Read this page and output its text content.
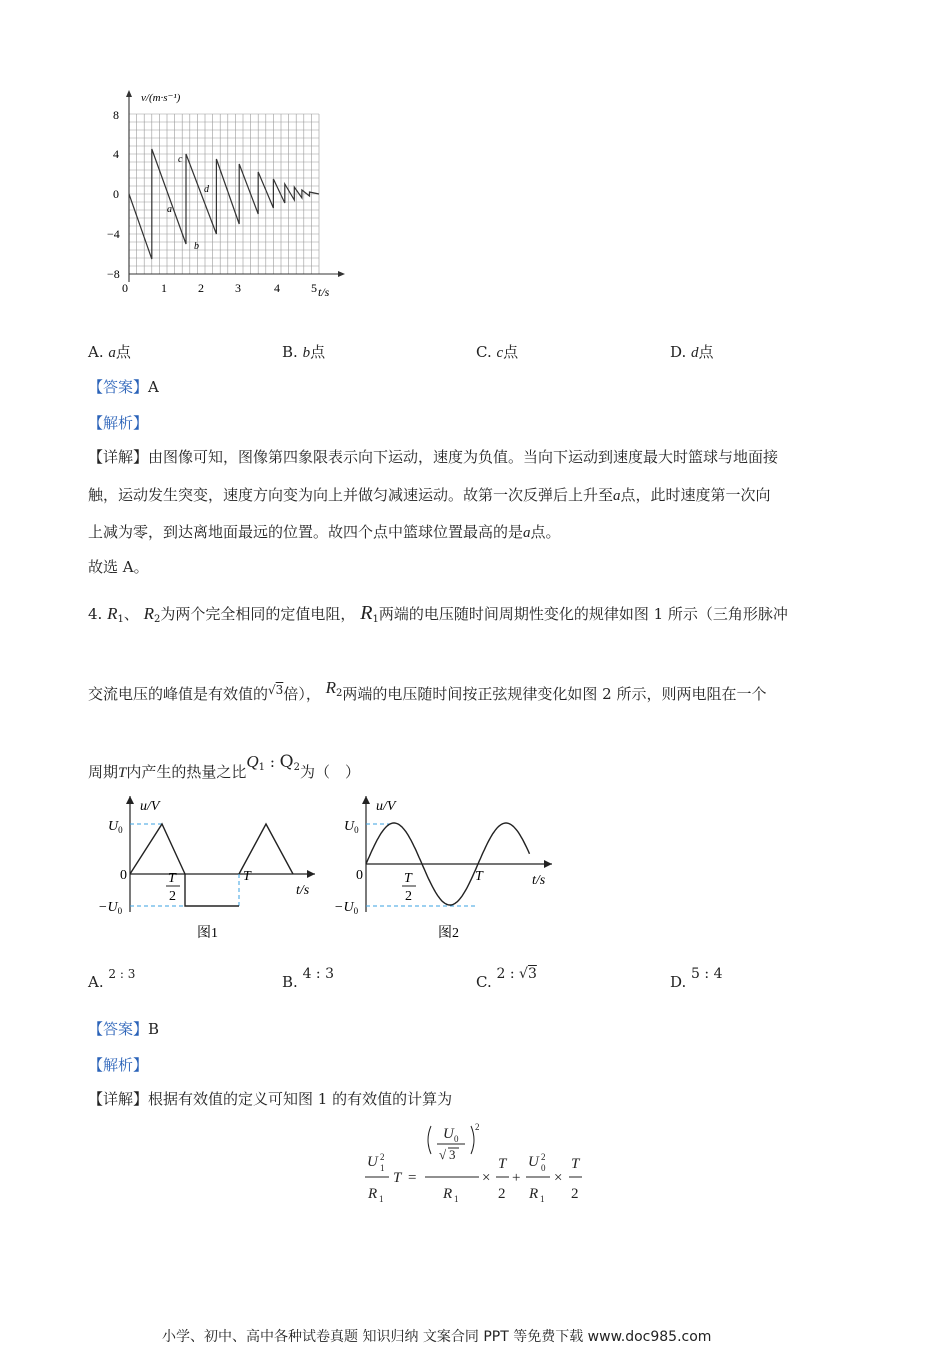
v/(m·s⁻¹)
t/s
8
4
0
−4
−8
0	1	2	3	4	5
a
b
c
d
A. a点	B. b点	C. c点	D. d点
【答案】A
【解析】
【详解】由图像可知，图像第四象限表示向下运动，速度为负值。当向下运动到速度最大时篮球与地面接
触，运动发生突变，速度方向变为向上并做匀减速运动。故第一次反弹后上升至a点，此时速度第一次向
上减为零，到达离地面最远的位置。故四个点中篮球位置最高的是a点。
故选 A。
4. $R_1$、 $R_2$为两个完全相同的定值电阻， $R_1$两端的电压随时间周期性变化的规律如图 1 所示（三角形脉冲
交流电压的峰值是有效值的$^{√3}$倍）， $R^2$两端的电压随时间按正弦规律变化如图 2 所示，则两电阻在一个
周期T内产生的热量之比$Q_1$ : $Q_2$为（　）
u/V
t/s
$U_0$
$-U_0$
0	T
2
T
图1
u/V
t/s
$U_0$
$-U_0$
0	T
2
T
图2
A. 2 : 3	B. 4 : 3	C. 2 : √3	D. 5 : 4
【答案】B
【解析】
【详解】根据有效值的定义可知图 1 的有效值的计算为
U 1
2
R 1
T =
2
U 0
√ 3
R 1
×
T
2
+
U 0
2
R 1
×
T
2
小学、初中、高中各种试卷真题 知识归纳 文案合同 PPT 等免费下载 www.doc985.com
